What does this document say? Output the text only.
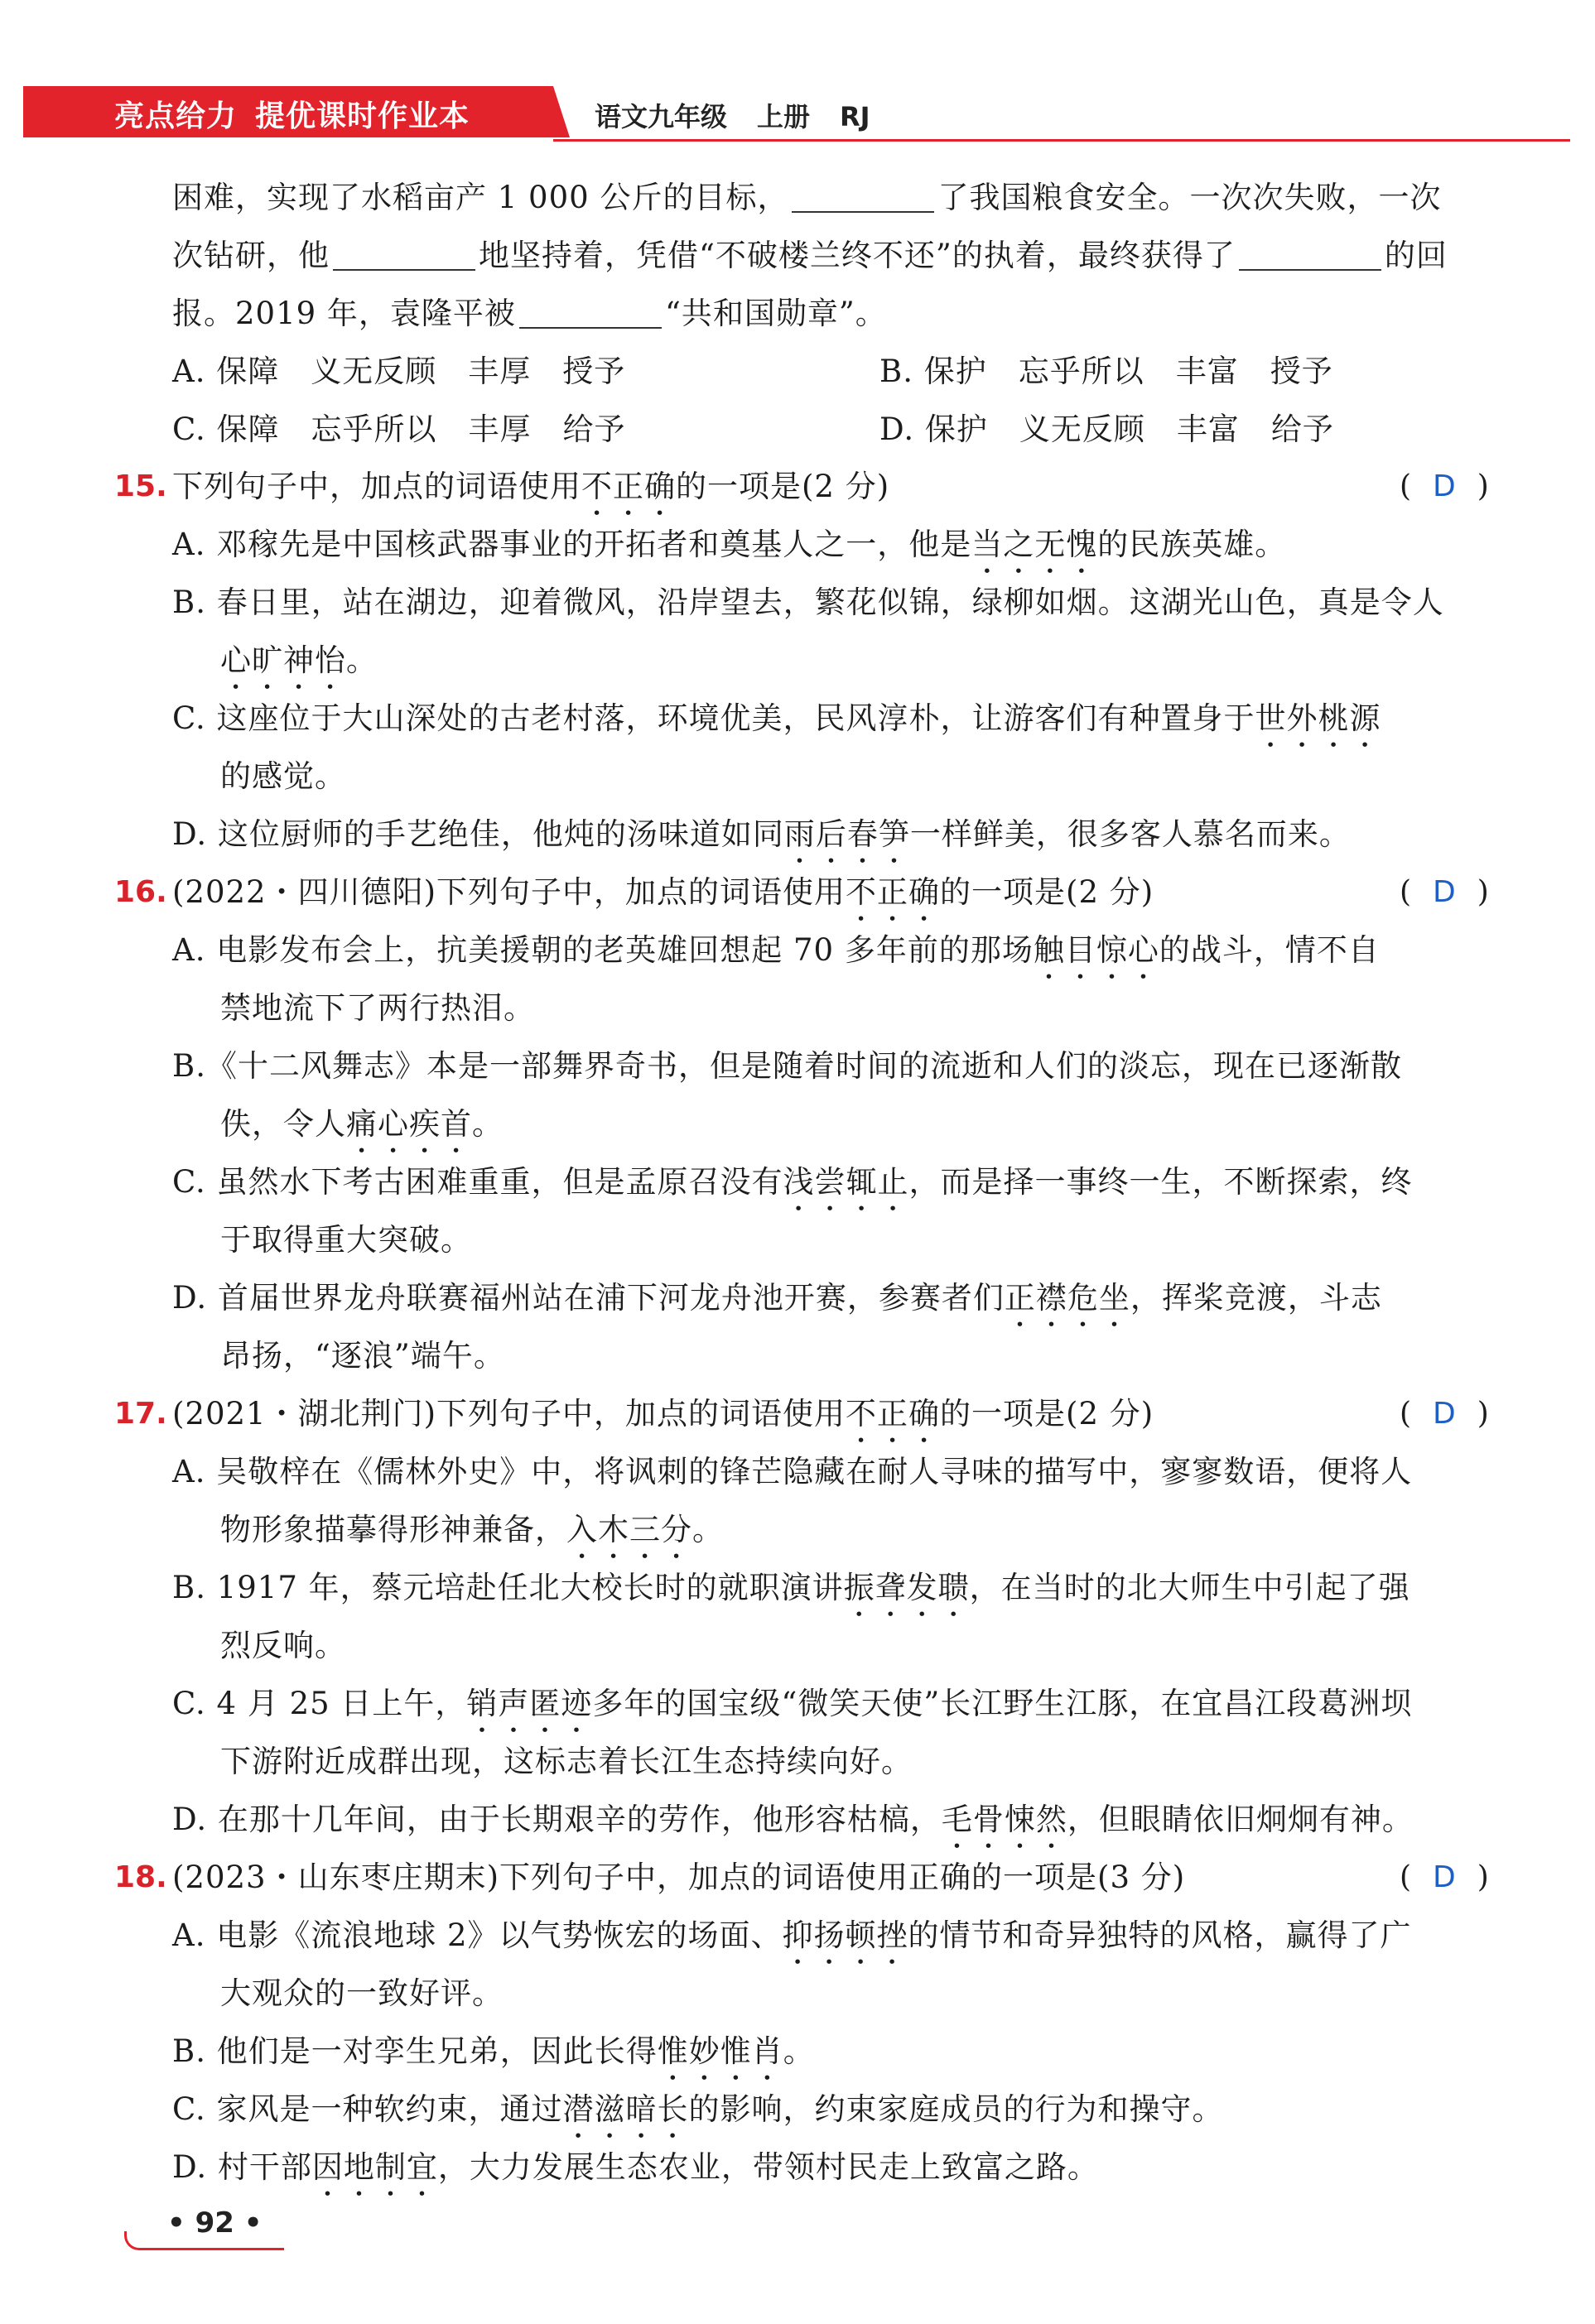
亮点给力 提优课时作业本	语文九年级 上册 RJ
困难，实现了水稻亩产 1 000 公斤的目标，	了我国粮食安全。一次次失败，一次
次钻研，他	地坚持着，凭借“不破楼兰终不还”的执着，最终获得了	的回
报。2019 年，袁隆平被	“共和国勋章”。
A. 保障　义无反顾　丰厚　授予	B. 保护　忘乎所以　丰富　授予
C. 保障　忘乎所以　丰厚　给予	D. 保护　义无反顾　丰富　给予
15. 下列句子中，加点的词语使用不正确的一项是(2 分)	( D )
A. 邓稼先是中国核武器事业的开拓者和奠基人之一，他是当之无愧的民族英雄。
B. 春日里，站在湖边，迎着微风，沿岸望去，繁花似锦，绿柳如烟。这湖光山色，真是令人
心旷神怡。
C. 这座位于大山深处的古老村落，环境优美，民风淳朴，让游客们有种置身于世外桃源
的感觉。
D. 这位厨师的手艺绝佳，他炖的汤味道如同雨后春笋一样鲜美，很多客人慕名而来。
16. (2022・四川德阳)下列句子中，加点的词语使用不正确的一项是(2 分)	( D )
A. 电影发布会上，抗美援朝的老英雄回想起 70 多年前的那场触目惊心的战斗，情不自
禁地流下了两行热泪。
B.《十二风舞志》本是一部舞界奇书，但是随着时间的流逝和人们的淡忘，现在已逐渐散
佚，令人痛心疾首。
C. 虽然水下考古困难重重，但是孟原召没有浅尝辄止，而是择一事终一生，不断探索，终
于取得重大突破。
D. 首届世界龙舟联赛福州站在浦下河龙舟池开赛，参赛者们正襟危坐，挥桨竞渡，斗志
昂扬，“逐浪”端午。
17. (2021・湖北荆门)下列句子中，加点的词语使用不正确的一项是(2 分)	( D )
A. 吴敬梓在《儒林外史》中，将讽刺的锋芒隐藏在耐人寻味的描写中，寥寥数语，便将人
物形象描摹得形神兼备，入木三分。
B. 1917 年，蔡元培赴任北大校长时的就职演讲振聋发聩，在当时的北大师生中引起了强
烈反响。
C. 4 月 25 日上午，销声匿迹多年的国宝级“微笑天使”长江野生江豚，在宜昌江段葛洲坝
下游附近成群出现，这标志着长江生态持续向好。
D. 在那十几年间，由于长期艰辛的劳作，他形容枯槁，毛骨悚然，但眼睛依旧炯炯有神。
18. (2023・山东枣庄期末)下列句子中，加点的词语使用正确的一项是(3 分)	( D )
A. 电影《流浪地球 2》以气势恢宏的场面、抑扬顿挫的情节和奇异独特的风格，赢得了广
大观众的一致好评。
B. 他们是一对孪生兄弟，因此长得惟妙惟肖。
C. 家风是一种软约束，通过潜滋暗长的影响，约束家庭成员的行为和操守。
D. 村干部因地制宜，大力发展生态农业，带领村民走上致富之路。
• 92 •
